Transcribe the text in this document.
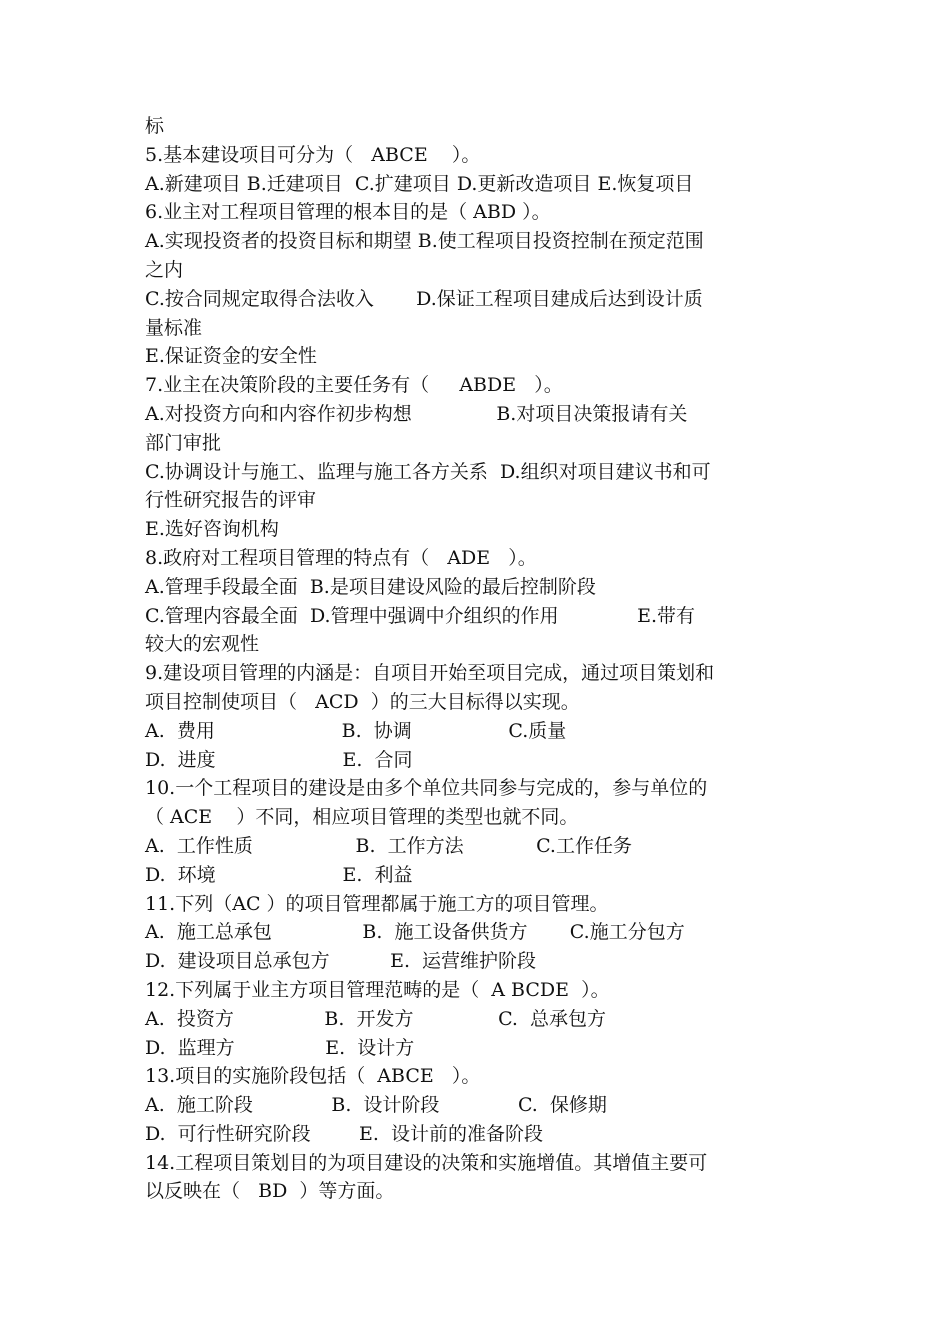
标
5.基本建设项目可分为（   ABCE    ）。
A.新建项目 B.迁建项目  C.扩建项目 D.更新改造项目 E.恢复项目
6.业主对工程项目管理的根本目的是（ ABD ）。
A.实现投资者的投资目标和期望 B.使工程项目投资控制在预定范围
之内
C.按合同规定取得合法收入       D.保证工程项目建成后达到设计质
量标准
E.保证资金的安全性
7.业主在决策阶段的主要任务有（     ABDE   ）。
A.对投资方向和内容作初步构想              B.对项目决策报请有关
部门审批
C.协调设计与施工、监理与施工各方关系  D.组织对项目建议书和可
行性研究报告的评审
E.选好咨询机构
8.政府对工程项目管理的特点有（   ADE   ）。
A.管理手段最全面  B.是项目建设风险的最后控制阶段
C.管理内容最全面  D.管理中强调中介组织的作用             E.带有
较大的宏观性
9.建设项目管理的内涵是：自项目开始至项目完成，通过项目策划和
项目控制使项目（   ACD  ）的三大目标得以实现。
A.  费用                     B.  协调                C.质量
D.  进度                     E.  合同
10.一个工程项目的建设是由多个单位共同参与完成的，参与单位的
（ ACE    ）不同，相应项目管理的类型也就不同。
A.  工作性质                 B.  工作方法            C.工作任务
D.  环境                     E.  利益
11.下列（AC ）的项目管理都属于施工方的项目管理。
A.  施工总承包               B.  施工设备供货方       C.施工分包方
D.  建设项目总承包方          E.  运营维护阶段
12.下列属于业主方项目管理范畴的是（  A BCDE  ）。
A.  投资方               B.  开发方              C.  总承包方
D.  监理方               E.  设计方
13.项目的实施阶段包括（  ABCE   ）。
A.  施工阶段             B.  设计阶段             C.  保修期
D.  可行性研究阶段        E.  设计前的准备阶段
14.工程项目策划目的为项目建设的决策和实施增值。其增值主要可
以反映在（   BD  ）等方面。
